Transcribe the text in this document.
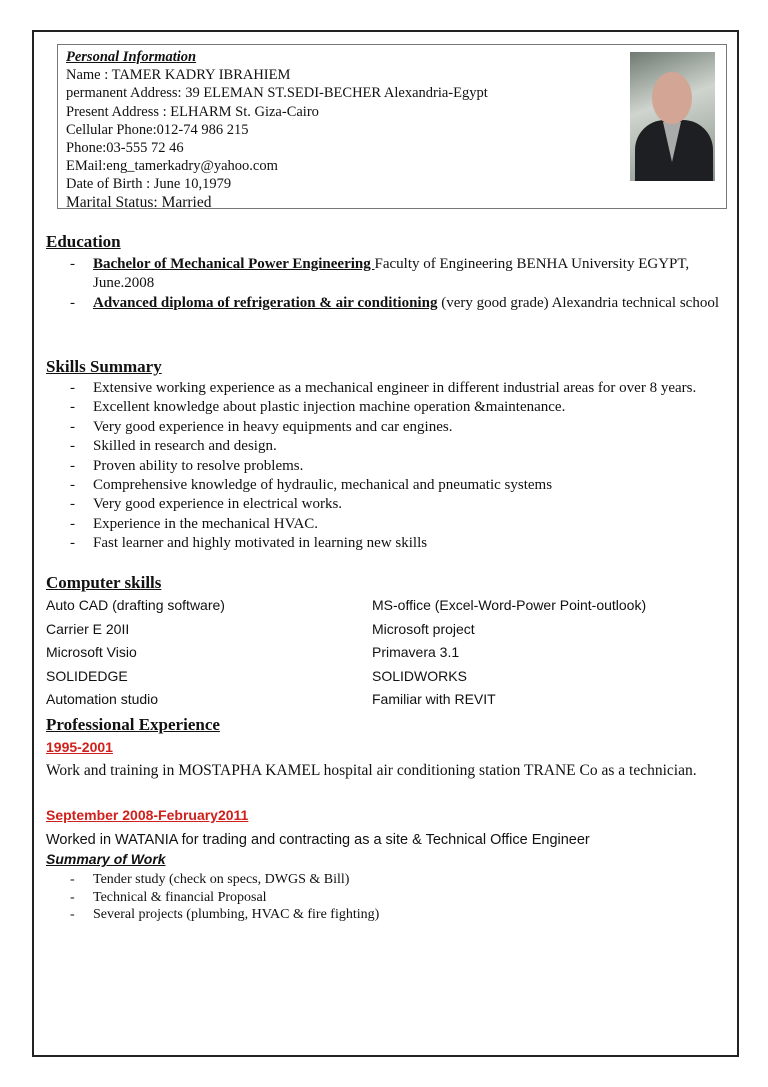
Personal Information
Name : TAMER KADRY IBRAHIEM
permanent Address: 39 ELEMAN ST.SEDI-BECHER Alexandria-Egypt
Present Address : ELHARM St. Giza-Cairo
Cellular Phone:012-74 986 215
Phone:03-555 72 46
EMail:eng_tamerkadry@yahoo.com
Date of Birth : June 10,1979
Marital Status: Married
Education
- Bachelor of Mechanical Power Engineering Faculty of Engineering BENHA University EGYPT, June.2008
- Advanced diploma of refrigeration & air conditioning (very good grade) Alexandria technical school
Skills Summary
- Extensive working experience as a mechanical engineer in different industrial areas for over 8 years.
- Excellent knowledge about plastic injection machine operation &maintenance.
- Very good experience in heavy equipments and car engines.
- Skilled in research and design.
- Proven ability to resolve problems.
- Comprehensive knowledge of hydraulic, mechanical and pneumatic systems
- Very good experience in electrical works.
- Experience in the mechanical HVAC.
- Fast learner and highly motivated in learning new skills
Computer skills
Auto CAD (drafting software)	MS-office (Excel-Word-Power Point-outlook)
Carrier E 20II	Microsoft project
Microsoft Visio	Primavera 3.1
SOLIDEDGE	SOLIDWORKS
Automation studio	Familiar with REVIT
Professional Experience
1995-2001
Work and training in MOSTAPHA KAMEL hospital air conditioning station TRANE Co as a technician.
September 2008-February2011
Worked in WATANIA for trading and contracting as a site & Technical Office Engineer
Summary of Work
- Tender study (check on specs, DWGS & Bill)
- Technical & financial Proposal
- Several projects (plumbing, HVAC & fire fighting)
